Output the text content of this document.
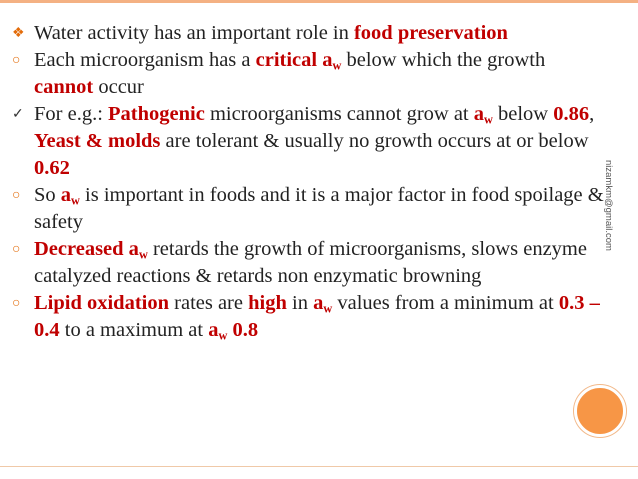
❖ Water activity has an important role in food preservation
○ Each microorganism has a critical $a_w$ below which the growth cannot occur
✓ For e.g.: Pathogenic microorganisms cannot grow at $a_w$ below 0.86, Yeast & molds are tolerant & usually no growth occurs at or below 0.62
○ So $a_w$ is important in foods and it is a major factor in food spoilage & safety
○ Decreased $a_w$ retards the growth of microorganisms, slows enzyme catalyzed reactions & retards non enzymatic browning
○ Lipid oxidation rates are high in $a_w$ values from a minimum at 0.3 – 0.4 to a maximum at $a_w$ 0.8
nizamkm@gmail.com
